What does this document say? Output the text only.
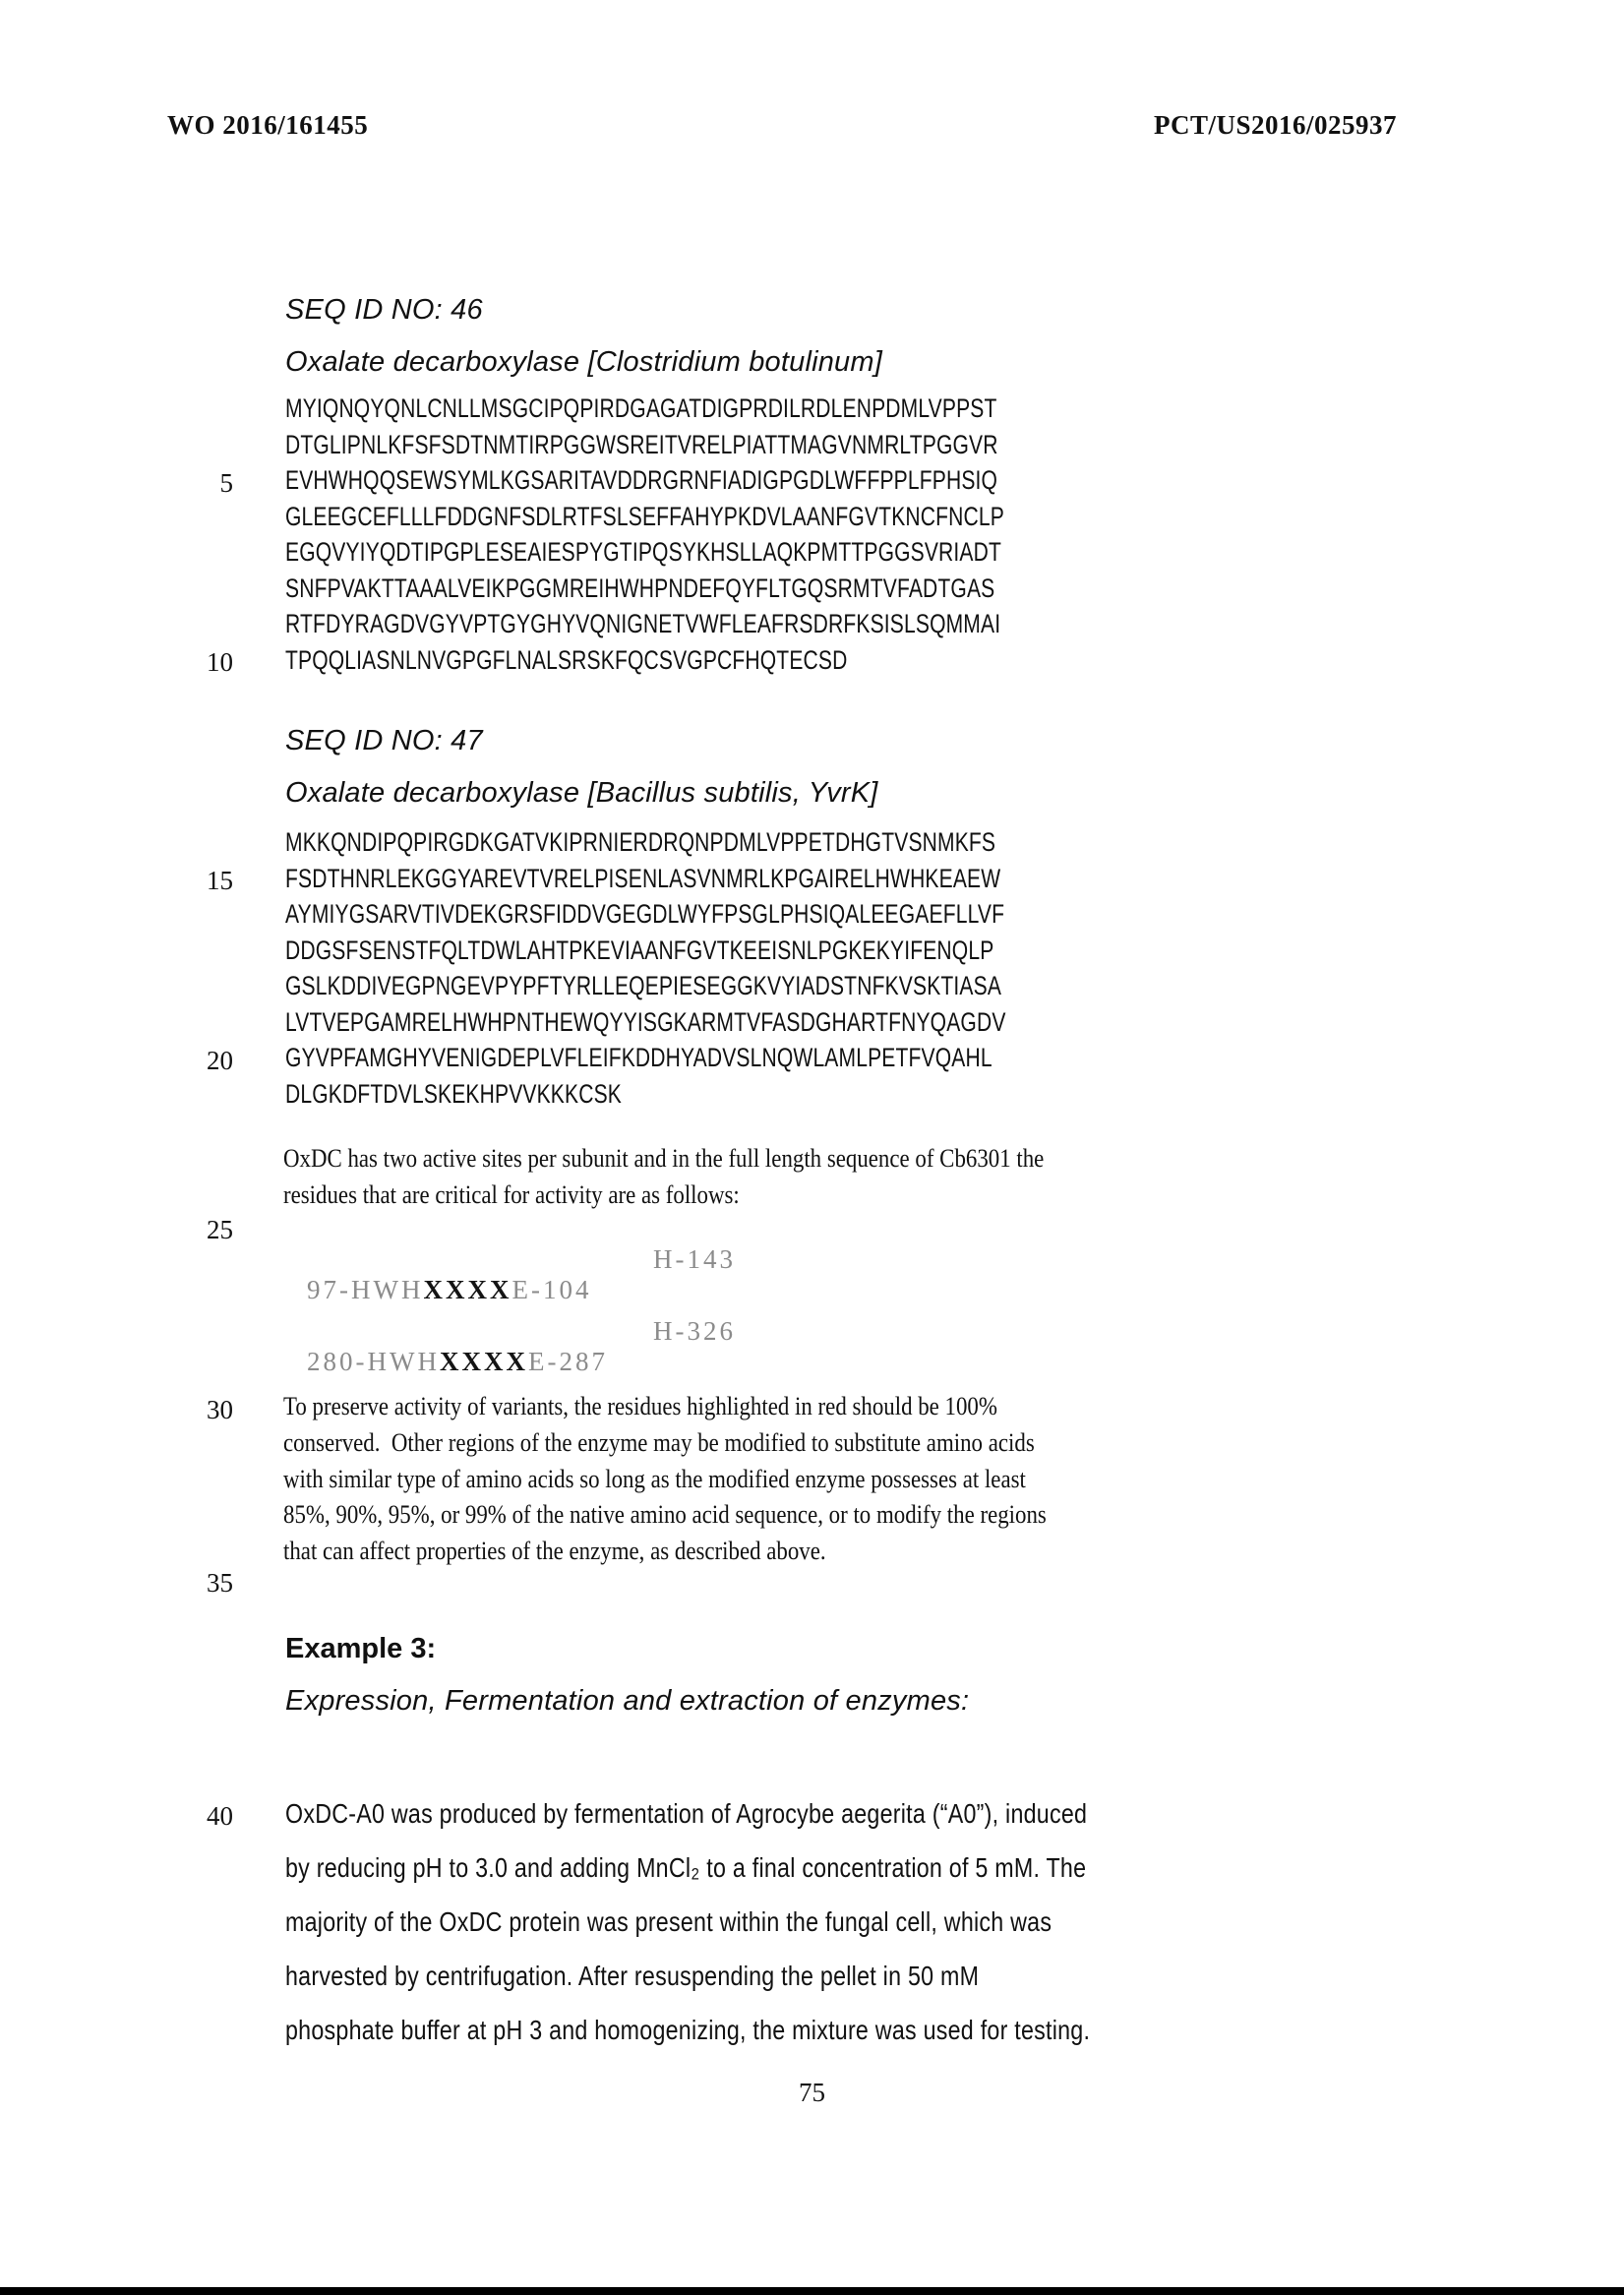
WO 2016/161455	PCT/US2016/025937
SEQ ID NO: 46
Oxalate decarboxylase [Clostridium botulinum]
MYIQNQYQNLCNLLMSGCIPQPIRDGAGATDIGPRDILRDLENPDMLVPPST
DTGLIPNLKFSFSDTNMTIRPGGWSREITVRELPIATTMAGVNMRLTPGGVR
EVHWHQQSEWSYMLKGSARITAVDDRGRNFIADIGPGDLWFFPPLFPHSIQ
GLEEGCEFLLLFDDGNFSDLRTFSLSEFFAHYPKDVLAANFGVTKNCFNCLP
EGQVYIYQDTIPGPLESEAIESPYGTIPQSYKHSLLAQKPMTTPGGSVRIADT
SNFPVAKTTAAALVEIKPGGMREIHWHPNDEFQYFLTGQSRMTVFADTGAS
RTFDYRAGDVGYVPTGYGHYVQNIGNETVWFLEAFRSDRFKSISLSQMMAI
TPQQLIASNLNVGPGFLNALSRSKFQCSVGPCFHQTECSD
SEQ ID NO: 47
Oxalate decarboxylase [Bacillus subtilis, YvrK]
MKKQNDIPQPIRGDKGATVKIPRNIERDRQNPDMLVPPETDHGTVSNMKFS
FSDTHNRLEKGGYAREVTVRELPISENLASVNMRLKPGAIRELHWHKEAEW
AYMIYGSARVTIVDEKGRSFIDDVGEGDLWYFPSGLPHSIQALEEGAEFLLVF
DDGSFSENSTFQLTDWLAHTPKEVIAANFGVTKEEISNLPGKEKYIFENQLP
GSLKDDIVEGPNGEVPYPFTYRLLEQEPIESEGGKVYIADSTNFKVSKTIASA
LVTVEPGAMRELHWHPNTHEWQYYISGKARMTVFASDGHARTFNYQAGDV
GYVPFAMGHYVENIGDEPLVFLEIFKDDHYADVSLNQWLAMLPETFVQAHL
DLGKDFTDVLSKEKHPVVKKKCSK
OxDC has two active sites per subunit and in the full length sequence of Cb6301 the
residues that are critical for activity are as follows:

97-HWHXXXXE-104

H-143

280-HWHXXXXE-287

H-326

To preserve activity of variants, the residues highlighted in red should be 100%
conserved.  Other regions of the enzyme may be modified to substitute amino acids
with similar type of amino acids so long as the modified enzyme possesses at least
85%, 90%, 95%, or 99% of the native amino acid sequence, or to modify the regions
that can affect properties of the enzyme, as described above.
Example 3:
Expression, Fermentation and extraction of enzymes:
OxDC-A0 was produced by fermentation of Agrocybe aegerita (“A0”), induced
by reducing pH to 3.0 and adding MnCl₂ to a final concentration of 5 mM. The
majority of the OxDC protein was present within the fungal cell, which was
harvested by centrifugation. After resuspending the pellet in 50 mM
phosphate buffer at pH 3 and homogenizing, the mixture was used for testing.
5
10
15
20
25
30
35
40
75
